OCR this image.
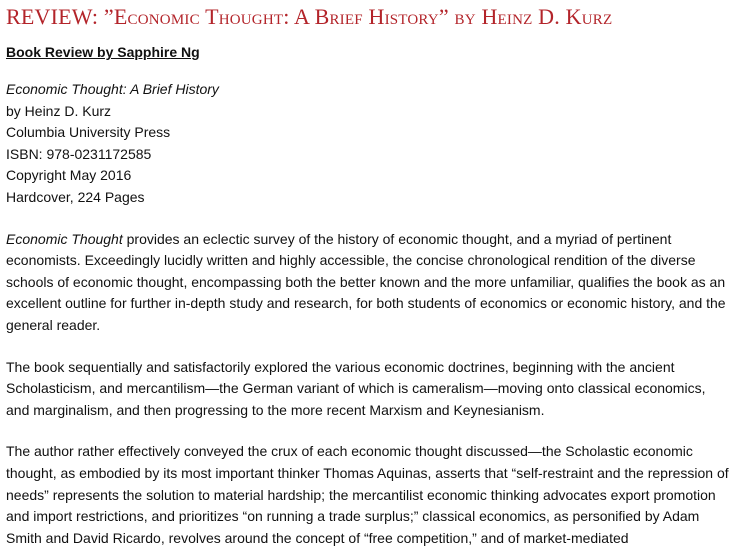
REVIEW: ”Economic Thought: A Brief History” by Heinz D. Kurz

Book Review by Sapphire Ng

Economic Thought: A Brief History
by Heinz D. Kurz
Columbia University Press
ISBN: 978-0231172585
Copyright May 2016
Hardcover, 224 Pages

Economic Thought provides an eclectic survey of the history of economic thought, and a myriad of pertinent economists. Exceedingly lucidly written and highly accessible, the concise chronological rendition of the diverse schools of economic thought, encompassing both the better known and the more unfamiliar, qualifies the book as an excellent outline for further in-depth study and research, for both students of economics or economic history, and the general reader.

The book sequentially and satisfactorily explored the various economic doctrines, beginning with the ancient Scholasticism, and mercantilism—the German variant of which is cameralism—moving onto classical economics, and marginalism, and then progressing to the more recent Marxism and Keynesianism.

The author rather effectively conveyed the crux of each economic thought discussed—the Scholastic economic thought, as embodied by its most important thinker Thomas Aquinas, asserts that “self-restraint and the repression of needs” represents the solution to material hardship; the mercantilist economic thinking advocates export promotion and import restrictions, and prioritizes “on running a trade surplus;” classical economics, as personified by Adam Smith and David Ricardo, revolves around the concept of “free competition,” and of market-mediated
